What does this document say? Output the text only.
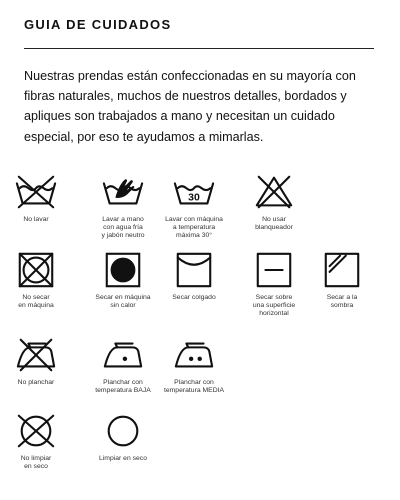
GUIA DE CUIDADOS

Nuestras prendas están confeccionadas en su mayoría con fibras naturales, muchos de nuestros detalles, bordados y apliques son trabajados a mano y necesitan un cuidado especial, por eso te ayudamos a mimarlas.

No lavar	Lavar a mano
con agua fría
y jabón neutro
30
Lavar con máquina
a temperatura
máxima 30°
No usar
blanqueador
No secar
en máquina
Secar en máquina
sin calor
Secar colgado	Secar sobre
una superficie
horizontal
Secar a la
sombra
No planchar	Planchar con
temperatura BAJA
Planchar con
temperatura MEDIA
No limpiar
en seco
Limpiar en seco
